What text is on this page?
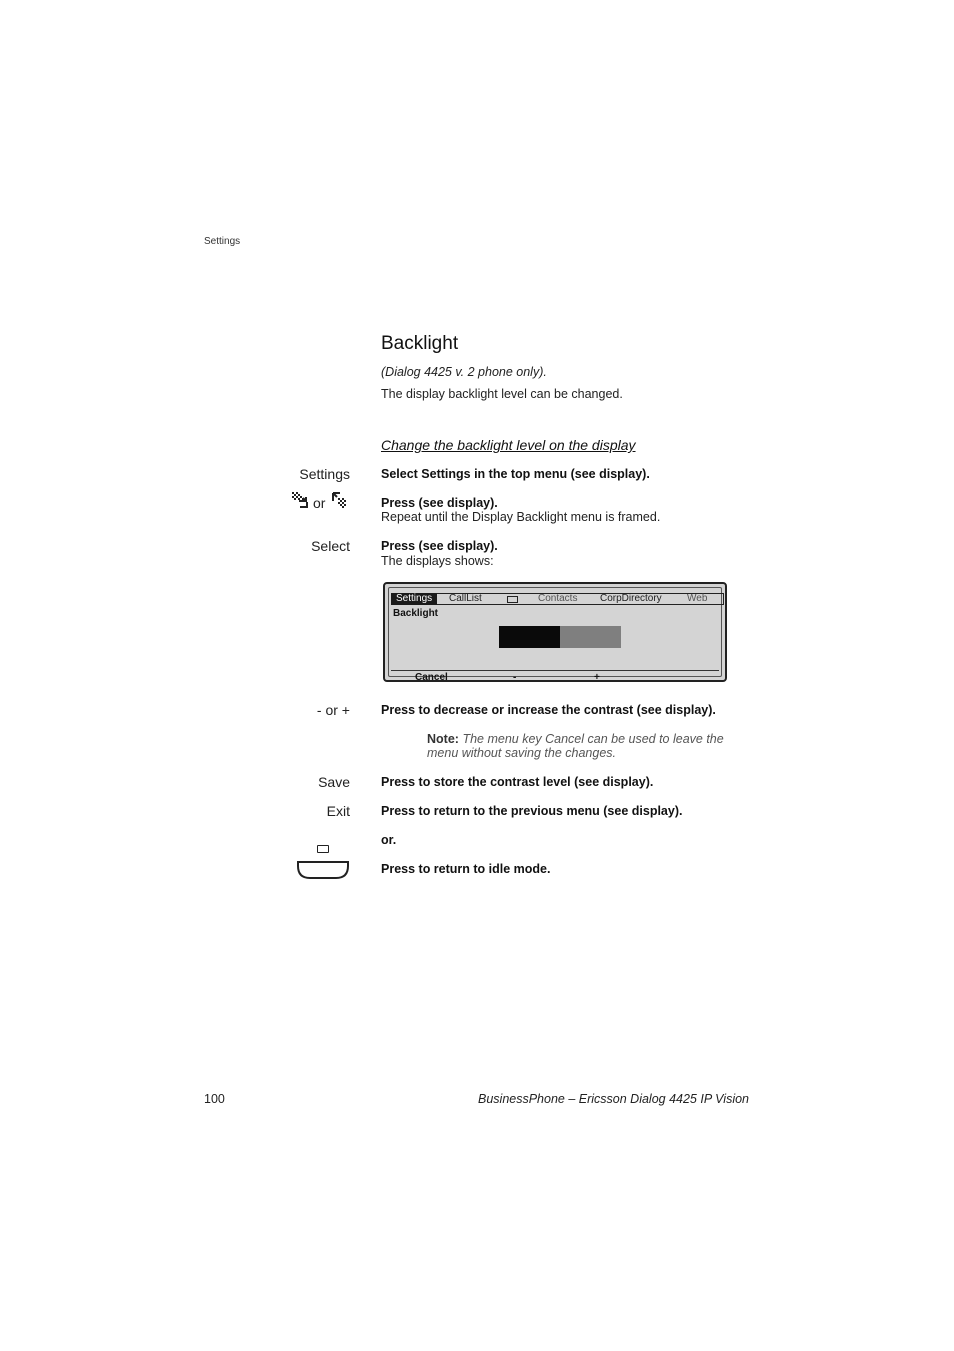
Settings
Backlight
(Dialog 4425 v. 2 phone only).
The display backlight level can be changed.
Change the backlight level on the display
Settings Select Settings in the top menu (see display).
or	Press (see display).
Repeat until the Display Backlight menu is framed.
Select Press (see display).
The displays shows:
Settings	CallList	Contacts CorpDirectory	Web
Backlight
Cancel	-	+
- or + Press to decrease or increase the contrast (see display).
Note: The menu key Cancel can be used to leave the menu without saving the changes.
Save Press to store the contrast level (see display).
Exit Press to return to the previous menu (see display).
or.
Press to return to idle mode.
100	BusinessPhone – Ericsson Dialog 4425 IP Vision
